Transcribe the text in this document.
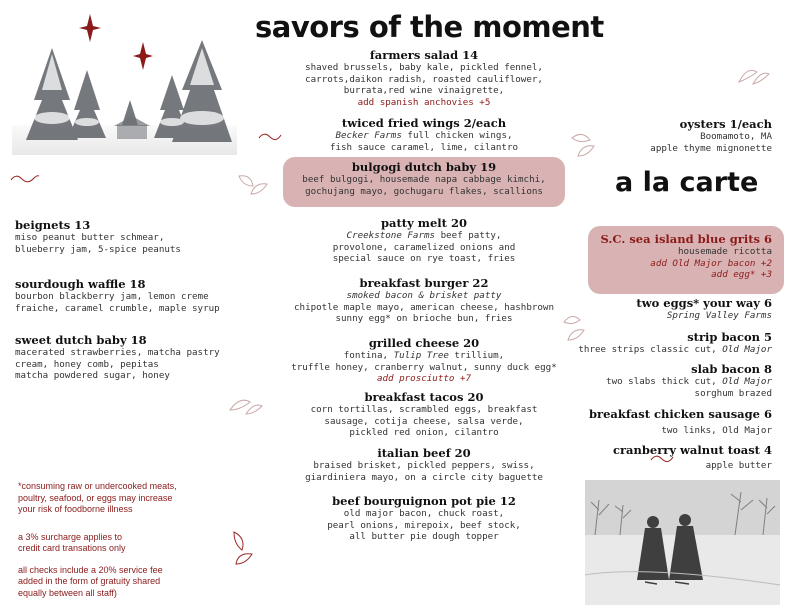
savors of the moment
farmers salad 14
shaved brussels, baby kale, pickled fennel,
carrots,daikon radish, roasted cauliflower,
burrata,red wine vinaigrette,
add spanish anchovies +5
twiced fried wings 2/each
Becker Farms full chicken wings,
fish sauce caramel, lime, cilantro
bulgogi dutch baby 19
beef bulgogi, housemade napa cabbage kimchi,
gochujang mayo, gochugaru flakes, scallions
patty melt 20
Creekstone Farms beef patty,
provolone, caramelized onions and
special sauce on rye toast, fries
breakfast burger 22
smoked bacon & brisket patty
chipotle maple mayo, american cheese, hashbrown
sunny egg* on brioche bun, fries
grilled cheese 20
fontina, Tulip Tree trillium,
truffle honey, cranberry walnut, sunny duck egg*
add prosciutto +7
breakfast tacos 20
corn tortillas, scrambled eggs, breakfast
sausage, cotija cheese, salsa verde,
pickled red onion, cilantro
italian beef 20
braised brisket, pickled peppers, swiss,
giardiniera mayo, on a circle city baguette
beef bourguignon pot pie 12
old major bacon, chuck roast,
pearl onions, mirepoix, beef stock,
all butter pie dough topper
beignets 13
miso peanut butter schmear,
blueberry jam, 5-spice peanuts
sourdough waffle 18
bourbon blackberry jam, lemon creme
fraiche, caramel crumble, maple syrup
sweet dutch baby 18
macerated strawberries, matcha pastry
cream, honey comb, pepitas
matcha powdered sugar, honey
oysters 1/each
Boomamoto, MA
apple thyme mignonette
a la carte
S.C. sea island blue grits 6
housemade ricotta
add Old Major bacon +2
add egg* +3
two eggs* your way 6
Spring Valley Farms
strip bacon 5
three strips classic cut, Old Major
slab bacon 8
two slabs thick cut, Old Major
sorghum brazed
breakfast chicken sausage 6
two links, Old Major
cranberry walnut toast 4
apple butter
*consuming raw or undercooked meats,
poultry, seafood, or eggs may increase
your risk of foodborne illness
a 3% surcharge applies to
credit card transations only
all checks include a 20% service fee
added in the form of gratuity shared
equally between all staff)
